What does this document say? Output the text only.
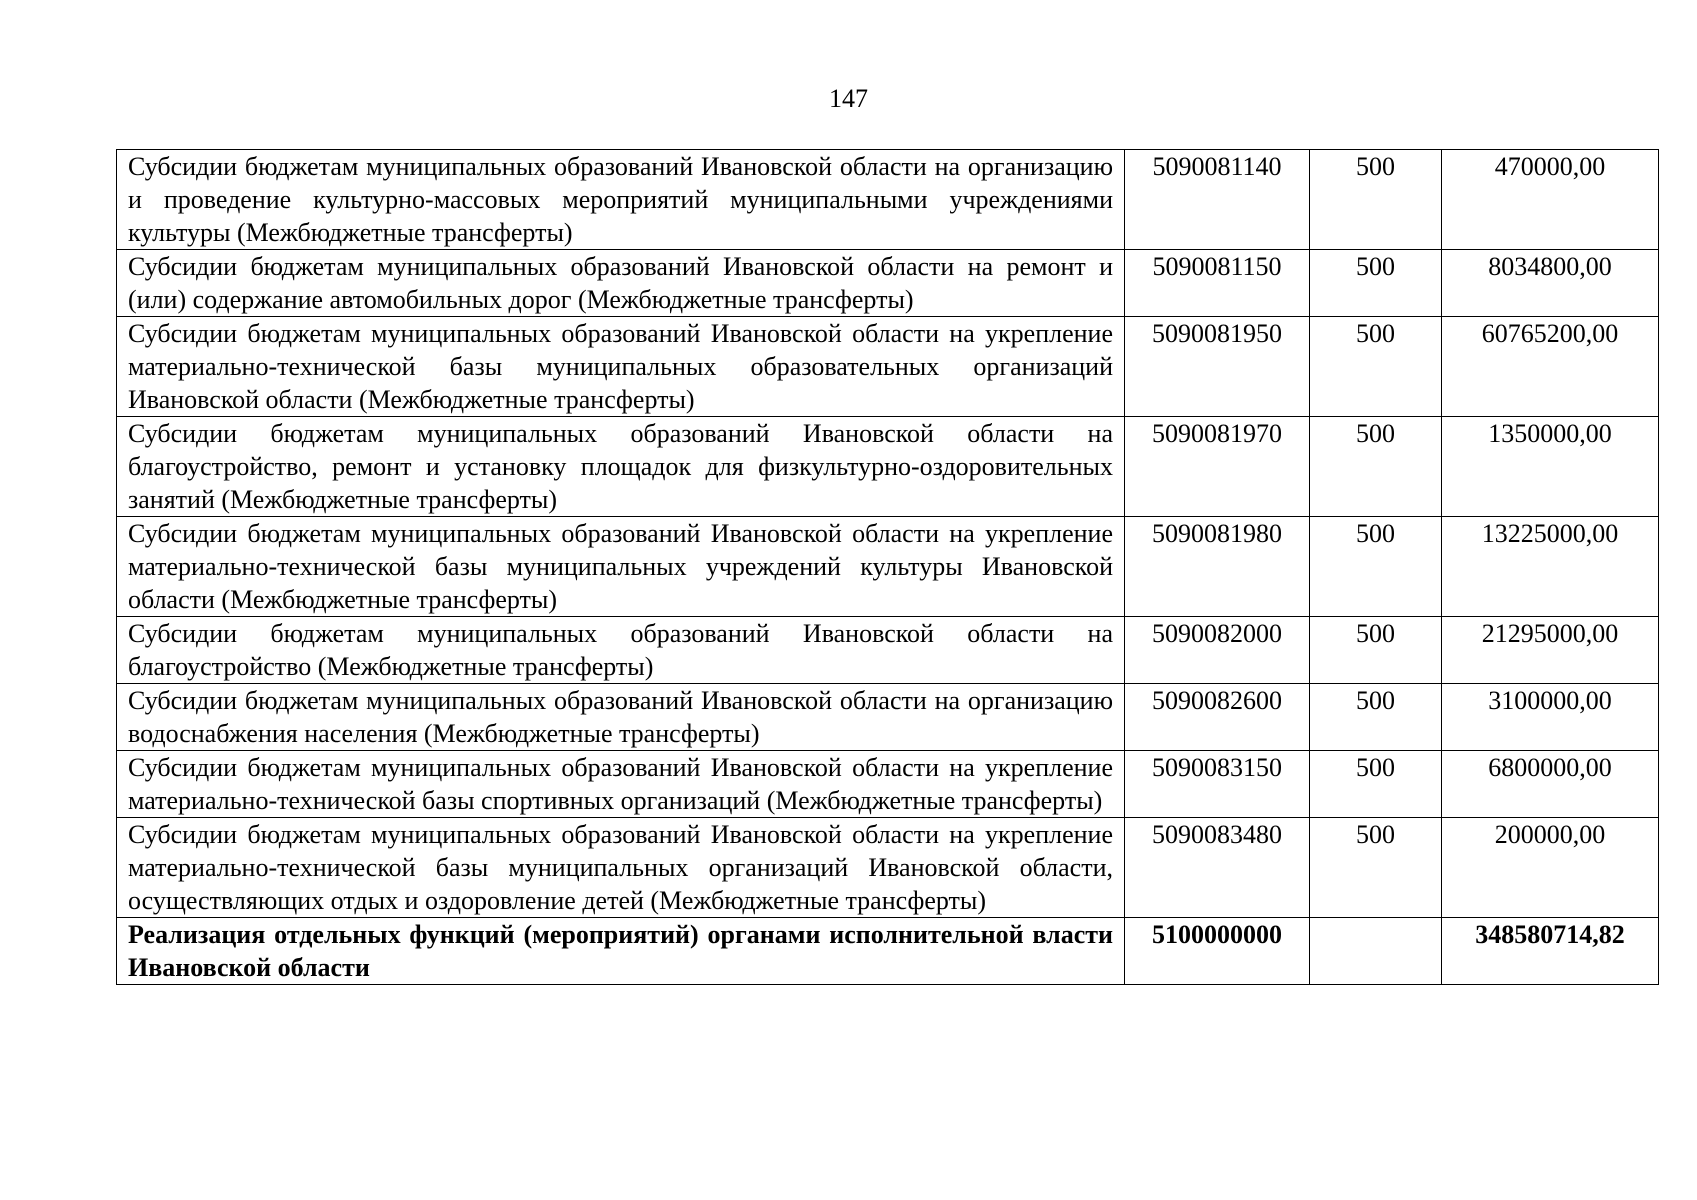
147
Субсидии бюджетам муниципальных образований Ивановской области на организацию и проведение культурно-массовых мероприятий муниципальными учреждениями культуры (Межбюджетные трансферты)	5090081140	500	470000,00
Субсидии бюджетам муниципальных образований Ивановской области на ремонт и (или) содержание автомобильных дорог (Межбюджетные трансферты)	5090081150	500	8034800,00
Субсидии бюджетам муниципальных образований Ивановской области на укрепление материально-технической базы муниципальных образовательных организаций Ивановской области (Межбюджетные трансферты)	5090081950	500	60765200,00
Субсидии бюджетам муниципальных образований Ивановской области на благоустройство, ремонт и установку площадок для физкультурно-оздоровительных занятий (Межбюджетные трансферты)	5090081970	500	1350000,00
Субсидии бюджетам муниципальных образований Ивановской области на укрепление материально-технической базы муниципальных учреждений культуры Ивановской области (Межбюджетные трансферты)	5090081980	500	13225000,00
Субсидии бюджетам муниципальных образований Ивановской области на благоустройство (Межбюджетные трансферты)	5090082000	500	21295000,00
Субсидии бюджетам муниципальных образований Ивановской области на организацию водоснабжения населения (Межбюджетные трансферты)	5090082600	500	3100000,00
Субсидии бюджетам муниципальных образований Ивановской области на укрепление материально-технической базы спортивных организаций (Межбюджетные трансферты)	5090083150	500	6800000,00
Субсидии бюджетам муниципальных образований Ивановской области на укрепление материально-технической базы муниципальных организаций Ивановской области, осуществляющих отдых и оздоровление детей (Межбюджетные трансферты)	5090083480	500	200000,00
Реализация отдельных функций (мероприятий) органами исполнительной власти Ивановской области	5100000000		348580714,82
